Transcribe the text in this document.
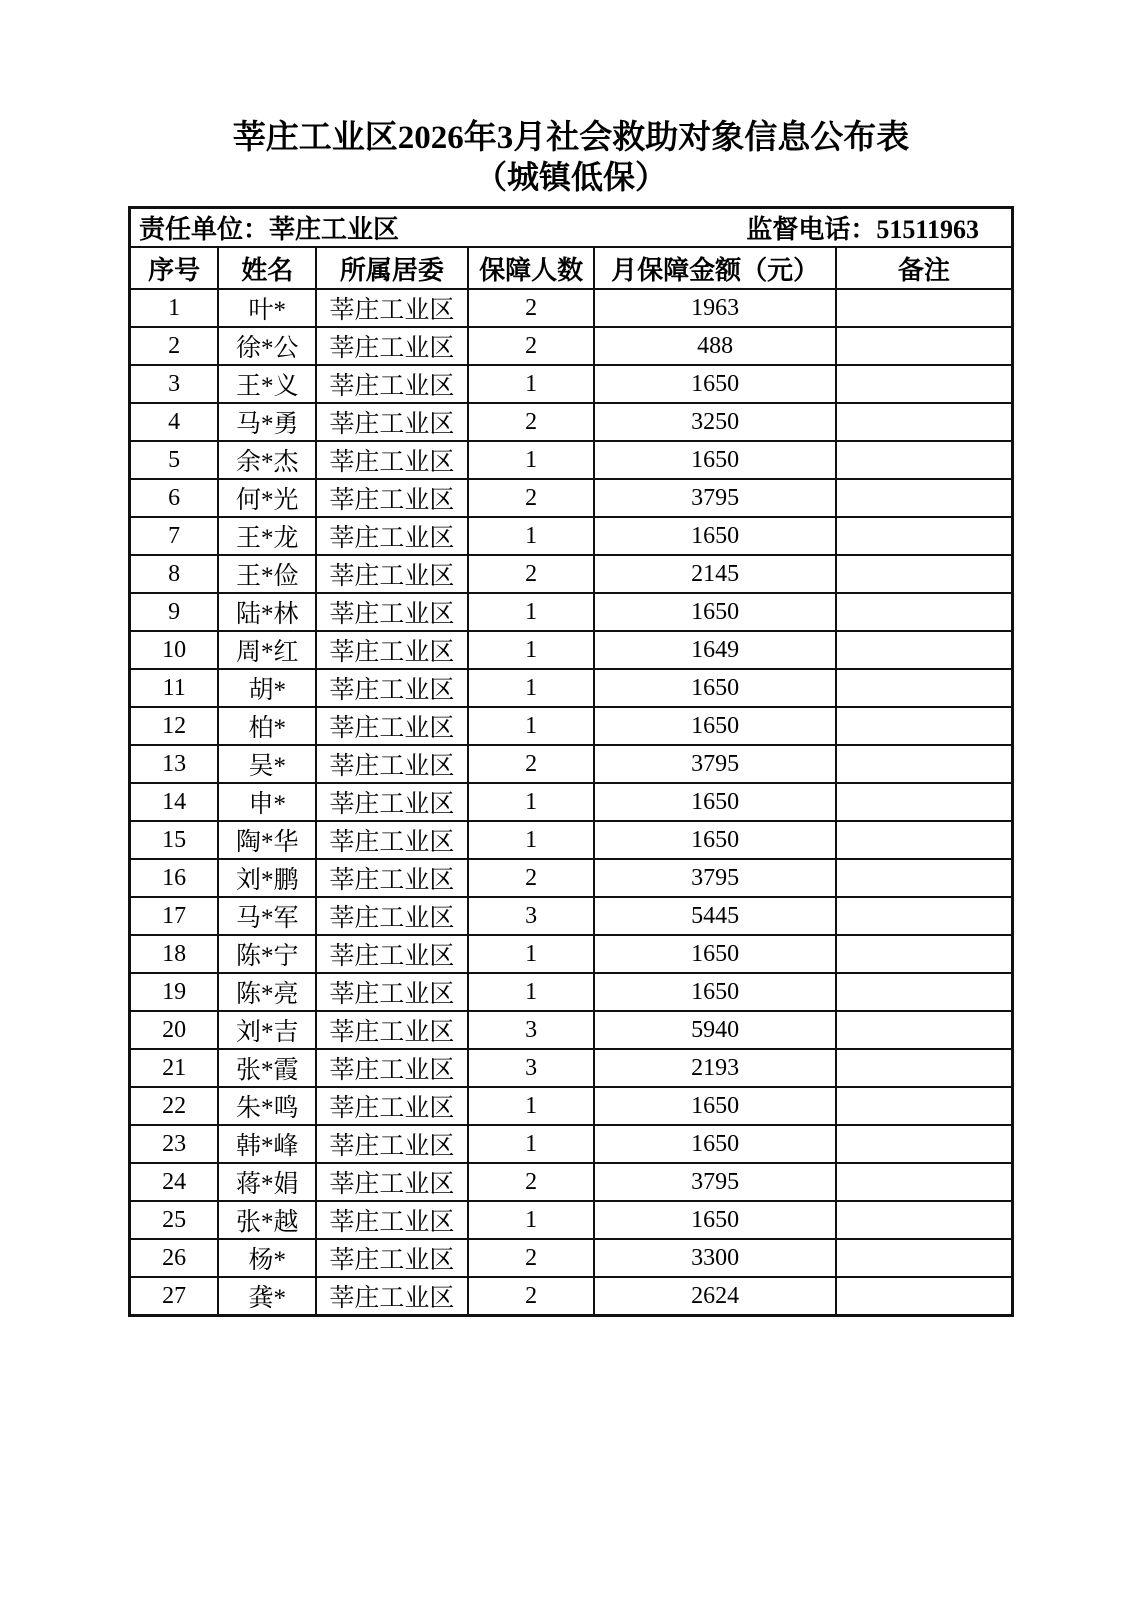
莘庄工业区2026年3月社会救助对象信息公布表
（城镇低保）
责任单位：莘庄工业区 监督电话：51511963					

序号	姓名	所属居委	保障人数	月保障金额（元）	备注
1	叶*	莘庄工业区	2	1963	
2	徐*公	莘庄工业区	2	488	
3	王*义	莘庄工业区	1	1650	
4	马*勇	莘庄工业区	2	3250	
5	余*杰	莘庄工业区	1	1650	
6	何*光	莘庄工业区	2	3795	
7	王*龙	莘庄工业区	1	1650	
8	王*俭	莘庄工业区	2	2145	
9	陆*林	莘庄工业区	1	1650	
10	周*红	莘庄工业区	1	1649	
11	胡*	莘庄工业区	1	1650	
12	柏*	莘庄工业区	1	1650	
13	吴*	莘庄工业区	2	3795	
14	申*	莘庄工业区	1	1650	
15	陶*华	莘庄工业区	1	1650	
16	刘*鹏	莘庄工业区	2	3795	
17	马*军	莘庄工业区	3	5445	
18	陈*宁	莘庄工业区	1	1650	
19	陈*亮	莘庄工业区	1	1650	
20	刘*吉	莘庄工业区	3	5940	
21	张*霞	莘庄工业区	3	2193	
22	朱*鸣	莘庄工业区	1	1650	
23	韩*峰	莘庄工业区	1	1650	
24	蒋*娟	莘庄工业区	2	3795	
25	张*越	莘庄工业区	1	1650	
26	杨*	莘庄工业区	2	3300	
27	龚*	莘庄工业区	2	2624	
